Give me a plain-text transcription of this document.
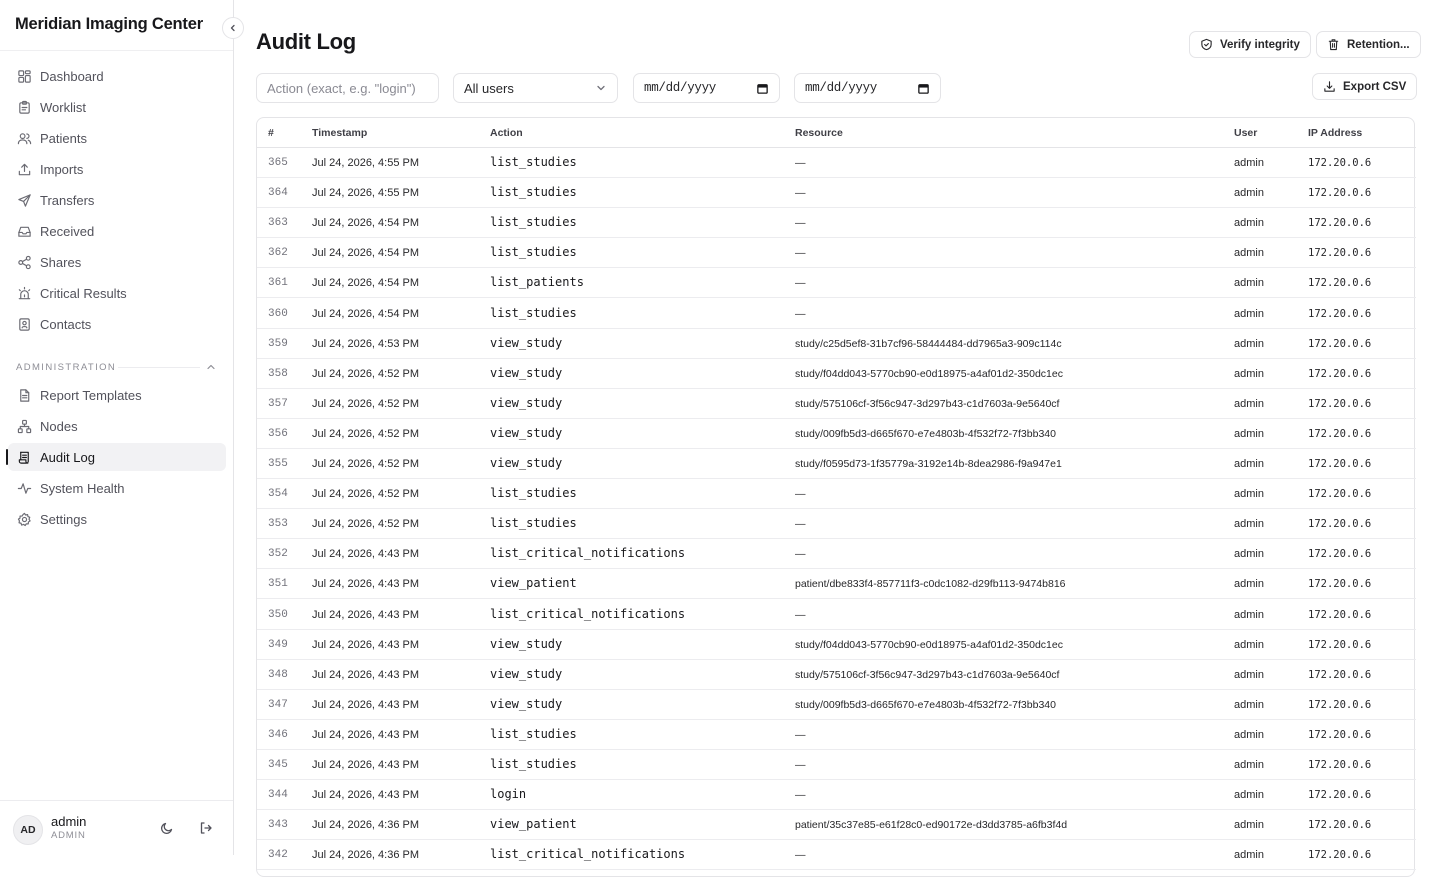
Meridian Imaging Center
Dashboard
Worklist
Patients
Imports
Transfers
Received
Shares
Critical Results
Contacts
ADMINISTRATION
Report Templates
Nodes
Audit Log
System Health
Settings
AD
admin
ADMIN
Audit Log	Verify integrity	Retention...
Action (exact, e.g. "login")
All users	mm/dd/yyyy	mm/dd/yyyy	Export CSV
#	Timestamp	Action	Resource	User	IP Address
365 Jul 24, 2026, 4:55 PM	list_studies	—	admin	172.20.0.6
364 Jul 24, 2026, 4:55 PM	list_studies	—	admin	172.20.0.6
363 Jul 24, 2026, 4:54 PM	list_studies	—	admin	172.20.0.6
362 Jul 24, 2026, 4:54 PM	list_studies	—	admin	172.20.0.6
361 Jul 24, 2026, 4:54 PM	list_patients	—	admin	172.20.0.6
360 Jul 24, 2026, 4:54 PM	list_studies	—	admin	172.20.0.6
359 Jul 24, 2026, 4:53 PM	view_study	study/c25d5ef8-31b7cf96-58444484-dd7965a3-909c114c	admin	172.20.0.6
358 Jul 24, 2026, 4:52 PM	view_study	study/f04dd043-5770cb90-e0d18975-a4af01d2-350dc1ec	admin	172.20.0.6
357 Jul 24, 2026, 4:52 PM	view_study	study/575106cf-3f56c947-3d297b43-c1d7603a-9e5640cf	admin	172.20.0.6
356 Jul 24, 2026, 4:52 PM	view_study	study/009fb5d3-d665f670-e7e4803b-4f532f72-7f3bb340	admin	172.20.0.6
355 Jul 24, 2026, 4:52 PM	view_study	study/f0595d73-1f35779a-3192e14b-8dea2986-f9a947e1	admin	172.20.0.6
354 Jul 24, 2026, 4:52 PM	list_studies	—	admin	172.20.0.6
353 Jul 24, 2026, 4:52 PM	list_studies	—	admin	172.20.0.6
352 Jul 24, 2026, 4:43 PM	list_critical_notifications	—	admin	172.20.0.6
351 Jul 24, 2026, 4:43 PM	view_patient	patient/dbe833f4-857711f3-c0dc1082-d29fb113-9474b816	admin	172.20.0.6
350 Jul 24, 2026, 4:43 PM	list_critical_notifications	—	admin	172.20.0.6
349 Jul 24, 2026, 4:43 PM	view_study	study/f04dd043-5770cb90-e0d18975-a4af01d2-350dc1ec	admin	172.20.0.6
348 Jul 24, 2026, 4:43 PM	view_study	study/575106cf-3f56c947-3d297b43-c1d7603a-9e5640cf	admin	172.20.0.6
347 Jul 24, 2026, 4:43 PM	view_study	study/009fb5d3-d665f670-e7e4803b-4f532f72-7f3bb340	admin	172.20.0.6
346 Jul 24, 2026, 4:43 PM	list_studies	—	admin	172.20.0.6
345 Jul 24, 2026, 4:43 PM	list_studies	—	admin	172.20.0.6
344 Jul 24, 2026, 4:43 PM	login	—	admin	172.20.0.6
343 Jul 24, 2026, 4:36 PM	view_patient	patient/35c37e85-e61f28c0-ed90172e-d3dd3785-a6fb3f4d	admin	172.20.0.6
342 Jul 24, 2026, 4:36 PM	list_critical_notifications	—	admin	172.20.0.6
